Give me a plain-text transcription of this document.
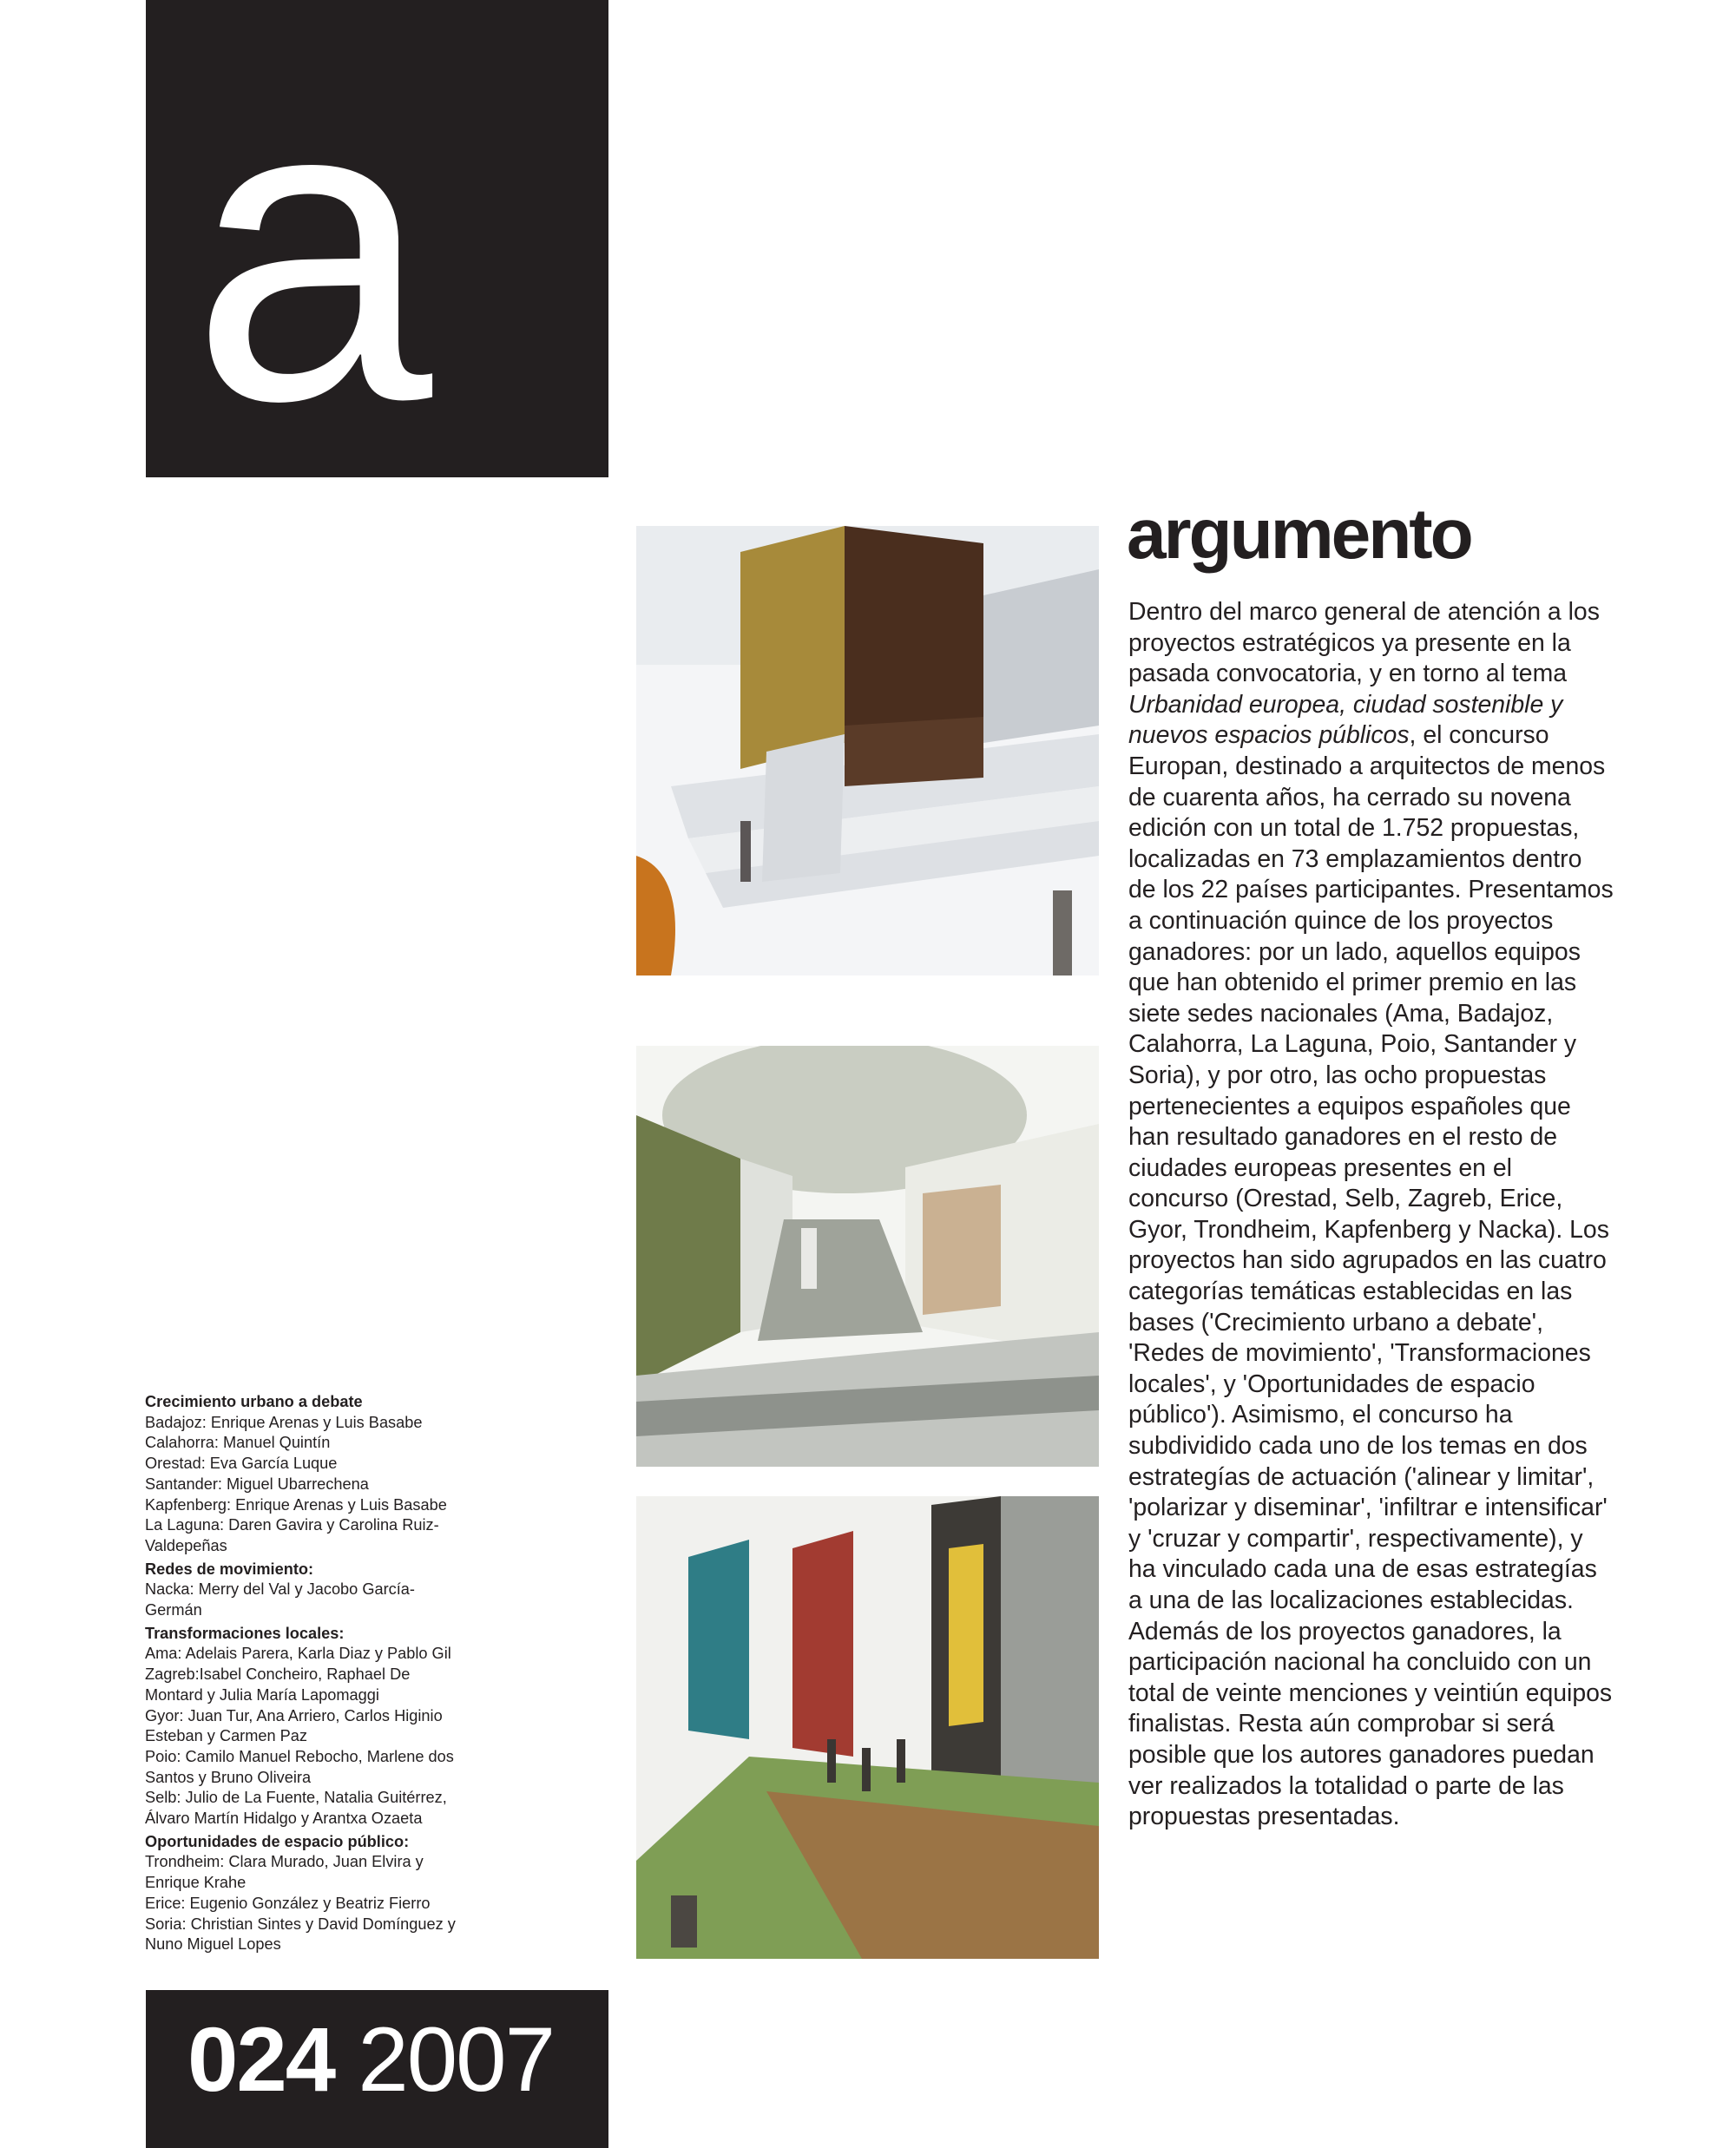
a
argumento

Dentro del marco general de atención a los proyectos estratégicos ya presente en la pasada convocatoria, y en torno al tema Urbanidad europea, ciudad sostenible y nuevos espacios públicos, el concurso Europan, destinado a arquitectos de menos de cuarenta años, ha cerrado su novena edición con un total de 1.752 propuestas, localizadas en 73 emplazamientos dentro de los 22 países participantes. Presentamos a continuación quince de los proyectos ganadores: por un lado, aquellos equipos que han obtenido el primer premio en las siete sedes nacionales (Ama, Badajoz, Calahorra, La Laguna, Poio, Santander y Soria), y por otro, las ocho propuestas pertenecientes a equipos españoles que han resultado ganadores en el resto de ciudades europeas presentes en el concurso (Orestad, Selb, Zagreb, Erice, Gyor, Trondheim, Kapfenberg y Nacka). Los proyectos han sido agrupados en las cuatro categorías temáticas establecidas en las bases ('Crecimiento urbano a debate', 'Redes de movimiento', 'Transformaciones locales', y 'Oportunidades de espacio público'). Asimismo, el concurso ha subdividido cada uno de los temas en dos estrategías de actuación ('alinear y limitar', 'polarizar y diseminar', 'infiltrar e intensificar' y 'cruzar y compartir', respectivamente), y ha vinculado cada una de esas estrategías a una de las localizaciones establecidas. Además de los proyectos ganadores, la participación nacional ha concluido con un total de veinte menciones y veintiún equipos finalistas. Resta aún comprobar si será posible que los autores ganadores puedan ver realizados la totalidad o parte de las propuestas presentadas.

Crecimiento urbano a debate
Badajoz: Enrique Arenas y Luis Basabe
Calahorra: Manuel Quintín
Orestad: Eva García Luque
Santander: Miguel Ubarrechena
Kapfenberg: Enrique Arenas y Luis Basabe
La Laguna: Daren Gavira y Carolina Ruiz-
Valdepeñas
Redes de movimiento:
Nacka: Merry del Val y Jacobo García-
Germán
Transformaciones locales:
Ama: Adelais Parera, Karla Diaz y Pablo Gil
Zagreb:Isabel Concheiro, Raphael De
Montard y Julia María Lapomaggi
Gyor: Juan Tur, Ana Arriero, Carlos Higinio
Esteban y Carmen Paz
Poio: Camilo Manuel Rebocho, Marlene dos
Santos y Bruno Oliveira
Selb: Julio de La Fuente, Natalia Guitérrez,
Álvaro Martín Hidalgo y Arantxa Ozaeta
Oportunidades de espacio público:
Trondheim: Clara Murado, Juan Elvira y
Enrique Krahe
Erice: Eugenio González y Beatriz Fierro
Soria: Christian Sintes y David Domínguez y
Nuno Miguel Lopes
024 2007
